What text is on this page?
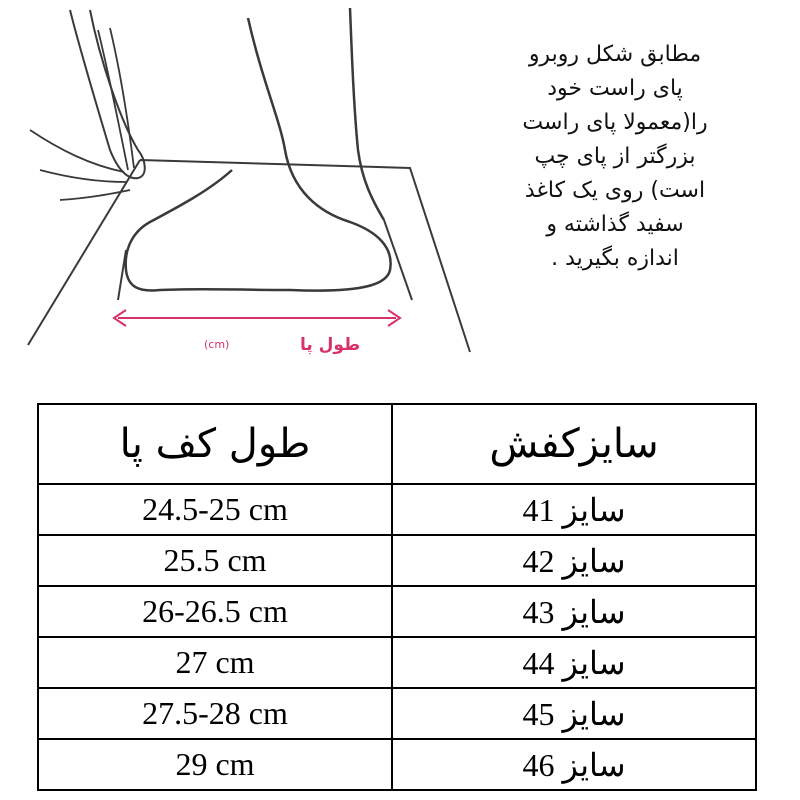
طول پا
(cm)
مطابق شکل روبرو
پای راست خود
را(معمولا پای راست
بزرگتر از پای چپ
است) روی یک کاغذ
سفید گذاشته و
اندازه بگیرید .
طول کف پا	سایزکفش
24.5-25 cm	سایز 41
25.5 cm	سایز 42
26-26.5 cm	سایز 43
27 cm	سایز 44
27.5-28 cm	سایز 45
29 cm	سایز 46
